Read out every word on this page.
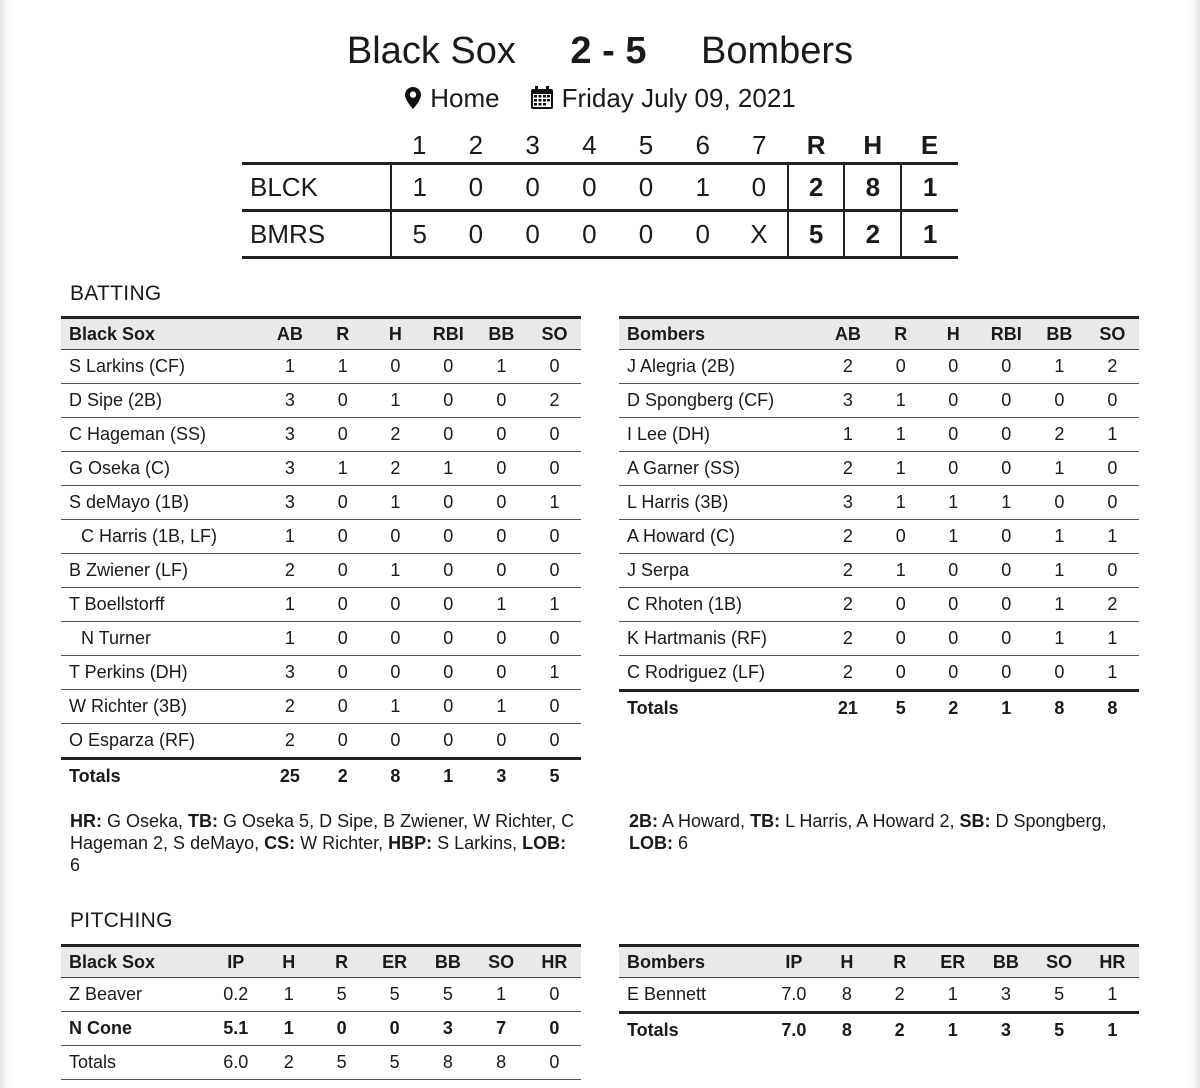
Black Sox 2 - 5 Bombers
Home Friday July 09, 2021
	1	2	3	4	5	6	7	R	H	E
BLCK	1	0	0	0	0	1	0	2	8	1
BMRS	5	0	0	0	0	0	X	5	2	1
BATTING
Black Sox	AB	R	H	RBI	BB	SO
S Larkins (CF)	1	1	0	0	1	0
D Sipe (2B)	3	0	1	0	0	2
C Hageman (SS)	3	0	2	0	0	0
G Oseka (C)	3	1	2	1	0	0
S deMayo (1B)	3	0	1	0	0	1
C Harris (1B, LF)	1	0	0	0	0	0
B Zwiener (LF)	2	0	1	0	0	0
T Boellstorff	1	0	0	0	1	1
N Turner	1	0	0	0	0	0
T Perkins (DH)	3	0	0	0	0	1
W Richter (3B)	2	0	1	0	1	0
O Esparza (RF)	2	0	0	0	0	0
Totals	25	2	8	1	3	5
Bombers	AB	R	H	RBI	BB	SO
J Alegria (2B)	2	0	0	0	1	2
D Spongberg (CF)	3	1	0	0	0	0
I Lee (DH)	1	1	0	0	2	1
A Garner (SS)	2	1	0	0	1	0
L Harris (3B)	3	1	1	1	0	0
A Howard (C)	2	0	1	0	1	1
J Serpa	2	1	0	0	1	0
C Rhoten (1B)	2	0	0	0	1	2
K Hartmanis (RF)	2	0	0	0	1	1
C Rodriguez (LF)	2	0	0	0	0	1
Totals	21	5	2	1	8	8
HR: G Oseka, TB: G Oseka 5, D Sipe, B Zwiener, W Richter, C Hageman 2, S deMayo, CS: W Richter, HBP: S Larkins, LOB: 6
2B: A Howard, TB: L Harris, A Howard 2, SB: D Spongberg, LOB: 6
PITCHING
Black Sox	IP	H	R	ER	BB	SO	HR
Z Beaver	0.2	1	5	5	5	1	0
N Cone	5.1	1	0	0	3	7	0
Totals	6.0	2	5	5	8	8	0
Bombers	IP	H	R	ER	BB	SO	HR
E Bennett	7.0	8	2	1	3	5	1
Totals	7.0	8	2	1	3	5	1
